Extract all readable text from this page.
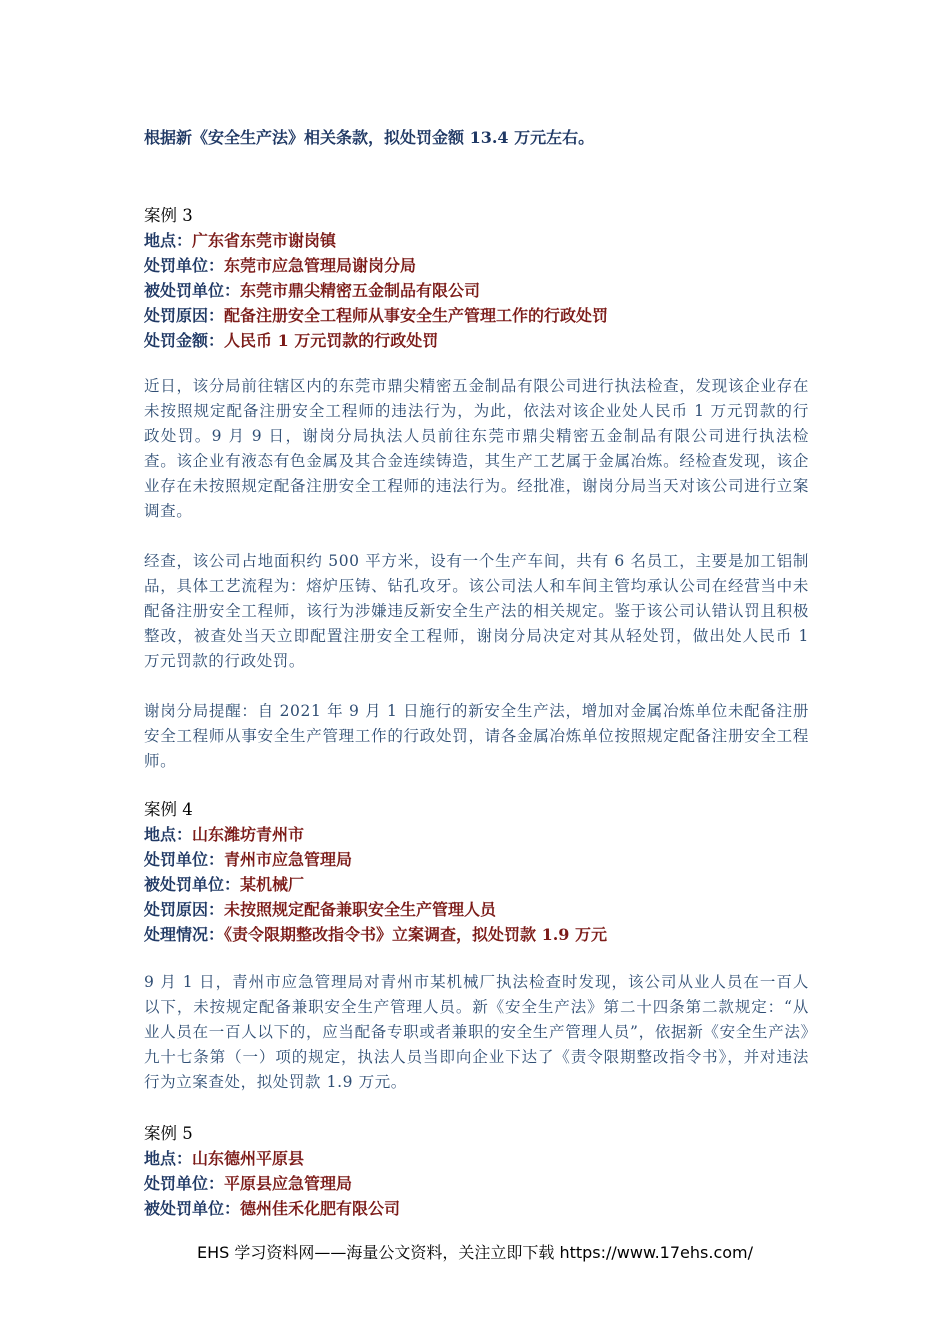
根据新《安全生产法》相关条款，拟处罚金额 13.4 万元左右。

案例 3

地点：广东省东莞市谢岗镇

处罚单位：东莞市应急管理局谢岗分局

被处罚单位：东莞市鼎尖精密五金制品有限公司

处罚原因：配备注册安全工程师从事安全生产管理工作的行政处罚

处罚金额：人民币 1 万元罚款的行政处罚

近日，该分局前往辖区内的东莞市鼎尖精密五金制品有限公司进行执法检查，发现该企业存在未按照规定配备注册安全工程师的违法行为，为此，依法对该企业处人民币 1 万元罚款的行政处罚。9 月 9 日，谢岗分局执法人员前往东莞市鼎尖精密五金制品有限公司进行执法检查。该企业有液态有色金属及其合金连续铸造，其生产工艺属于金属冶炼。经检查发现，该企业存在未按照规定配备注册安全工程师的违法行为。经批准，谢岗分局当天对该公司进行立案调查。

经查，该公司占地面积约 500 平方米，设有一个生产车间，共有 6 名员工，主要是加工铝制品，具体工艺流程为：熔炉压铸、钻孔攻牙。该公司法人和车间主管均承认公司在经营当中未配备注册安全工程师，该行为涉嫌违反新安全生产法的相关规定。鉴于该公司认错认罚且积极整改，被查处当天立即配置注册安全工程师，谢岗分局决定对其从轻处罚，做出处人民币 1 万元罚款的行政处罚。

谢岗分局提醒：自 2021 年 9 月 1 日施行的新安全生产法，增加对金属冶炼单位未配备注册安全工程师从事安全生产管理工作的行政处罚，请各金属冶炼单位按照规定配备注册安全工程师。

案例 4

地点：山东潍坊青州市

处罚单位：青州市应急管理局

被处罚单位：某机械厂

处罚原因：未按照规定配备兼职安全生产管理人员

处理情况：《责令限期整改指令书》立案调查，拟处罚款 1.9 万元

9 月 1 日，青州市应急管理局对青州市某机械厂执法检查时发现，该公司从业人员在一百人以下，未按规定配备兼职安全生产管理人员。新《安全生产法》第二十四条第二款规定：“从业人员在一百人以下的，应当配备专职或者兼职的安全生产管理人员”，依据新《安全生产法》九十七条第（一）项的规定，执法人员当即向企业下达了《责令限期整改指令书》，并对违法行为立案查处，拟处罚款 1.9 万元。

案例 5

地点：山东德州平原县

处罚单位：平原县应急管理局

被处罚单位：德州佳禾化肥有限公司

EHS 学习资料网——海量公文资料，关注立即下载 https://www.17ehs.com/
